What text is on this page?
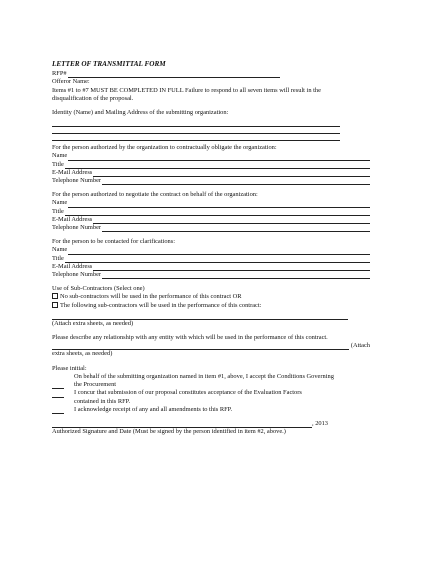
LETTER OF TRANSMITTAL FORM
RFP#
Offeror Name:
Items #1 to #7 MUST BE COMPLETED IN FULL Failure to respond to all seven items will result in the
disqualification of the proposal.
Identity (Name) and Mailing Address of the submitting organization:
For the person authorized by the organization to contractually obligate the organization:
Name
Title
E-Mail Address
Telephone Number
For the person authorized to negotiate the contract on behalf of the organization:
Name
Title
E-Mail Address
Telephone Number
For the person to be contacted for clarifications:
Name
Title
E-Mail Address
Telephone Number
Use of Sub-Contractors (Select one)
No sub-contractors will be used in the performance of this contract OR
The following sub-contractors will be used in the performance of this contract:
(Attach extra sheets, as needed)
Please describe any relationship with any entity with which will be used in the performance of this contract.
(Attach
extra sheets, as needed)
Please initial:
On behalf of the submitting organization named in item #1, above, I accept the Conditions Governing
the Procurement
I concur that submission of our proposal constitutes acceptance of the Evaluation Factors
contained in this RFP.
I acknowledge receipt of any and all amendments to this RFP.
, 2013
Authorized Signature and Date (Must be signed by the person identified in item #2, above.)
